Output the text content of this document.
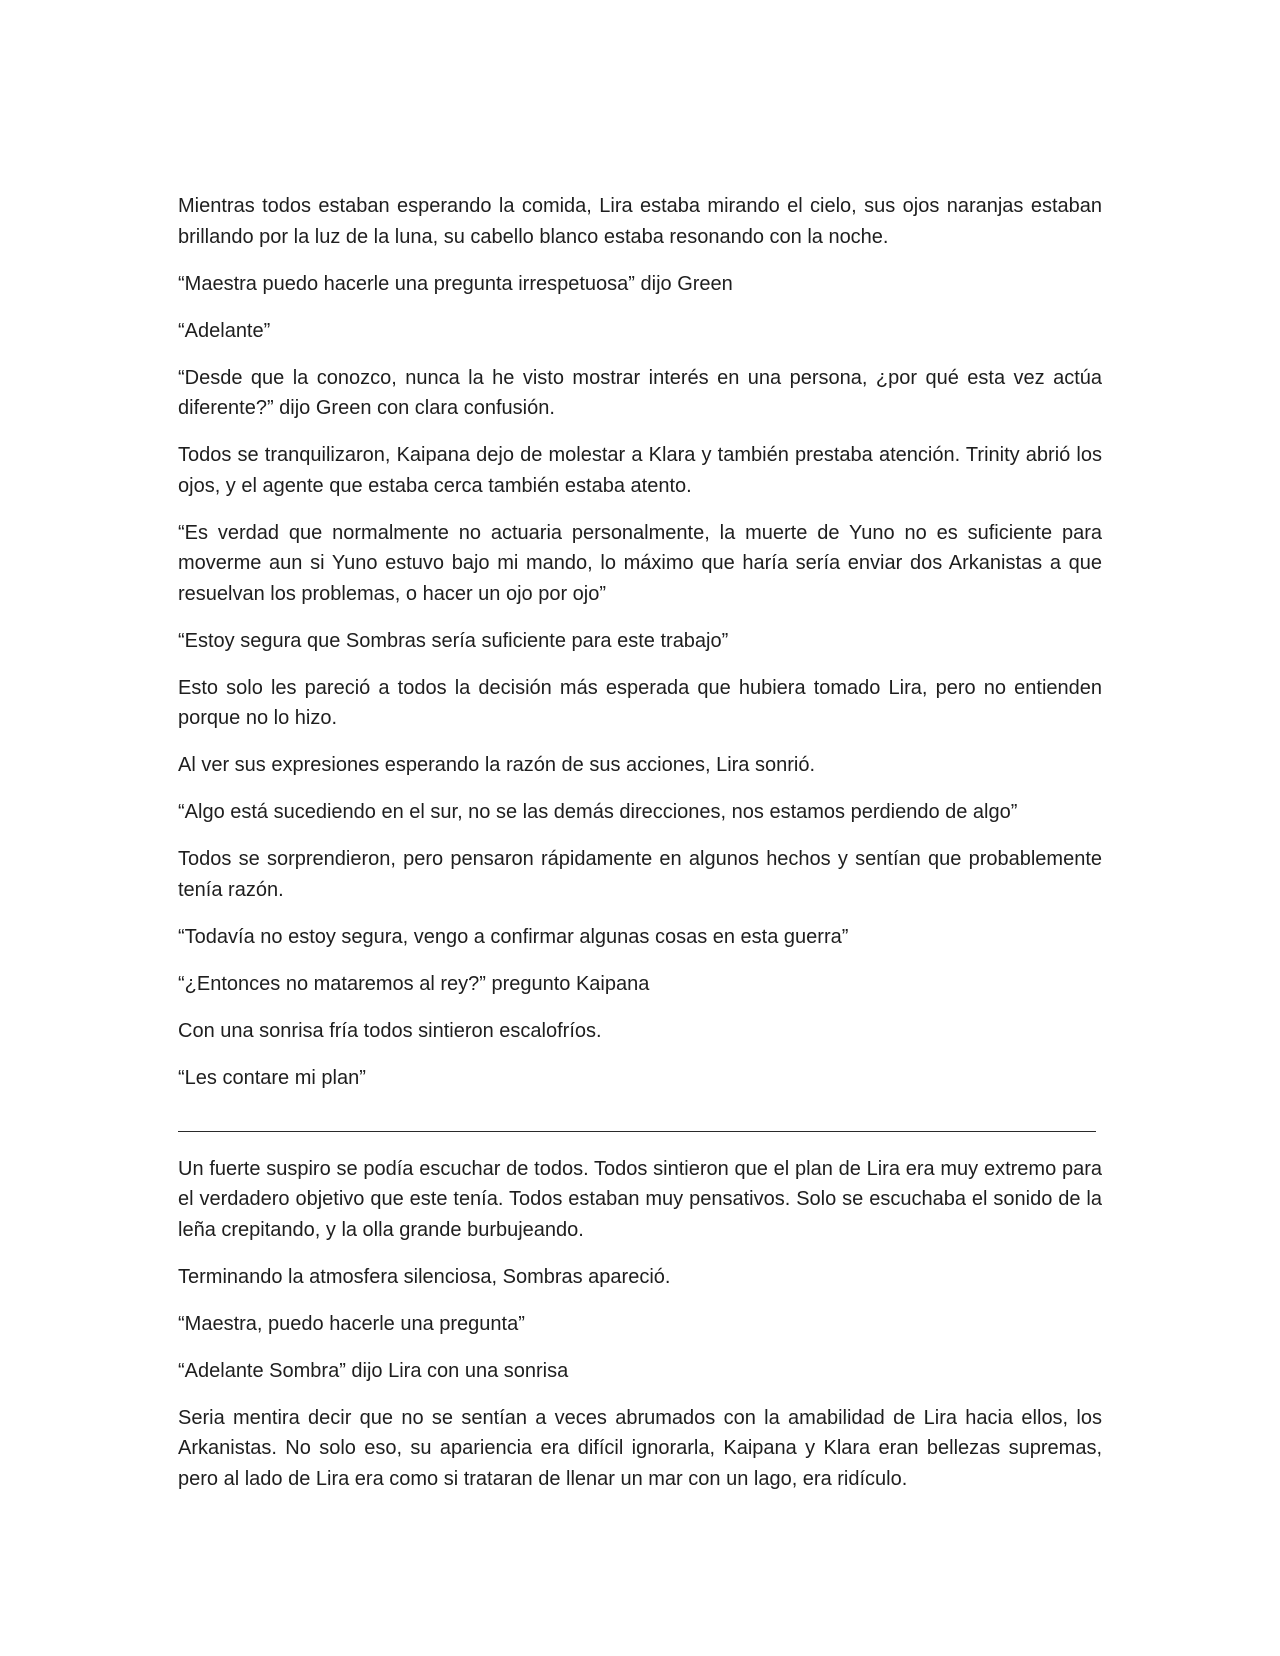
Mientras todos estaban esperando la comida, Lira estaba mirando el cielo, sus ojos naranjas estaban brillando por la luz de la luna, su cabello blanco estaba resonando con la noche.

“Maestra puedo hacerle una pregunta irrespetuosa” dijo Green

“Adelante”

“Desde que la conozco, nunca la he visto mostrar interés en una persona, ¿por qué esta vez actúa diferente?” dijo Green con clara confusión.

Todos se tranquilizaron, Kaipana dejo de molestar a Klara y también prestaba atención. Trinity abrió los ojos, y el agente que estaba cerca también estaba atento.

“Es verdad que normalmente no actuaria personalmente, la muerte de Yuno no es suficiente para moverme aun si Yuno estuvo bajo mi mando, lo máximo que haría sería enviar dos Arkanistas a que resuelvan los problemas, o hacer un ojo por ojo”

“Estoy segura que Sombras sería suficiente para este trabajo”

Esto solo les pareció a todos la decisión más esperada que hubiera tomado Lira, pero no entienden porque no lo hizo.

Al ver sus expresiones esperando la razón de sus acciones, Lira sonrió.

“Algo está sucediendo en el sur, no se las demás direcciones, nos estamos perdiendo de algo”

Todos se sorprendieron, pero pensaron rápidamente en algunos hechos y sentían que probablemente tenía razón.

“Todavía no estoy segura, vengo a confirmar algunas cosas en esta guerra”

“¿Entonces no mataremos al rey?” pregunto Kaipana

Con una sonrisa fría todos sintieron escalofríos.

“Les contare mi plan”

Un fuerte suspiro se podía escuchar de todos. Todos sintieron que el plan de Lira era muy extremo para el verdadero objetivo que este tenía. Todos estaban muy pensativos. Solo se escuchaba el sonido de la leña crepitando, y la olla grande burbujeando.

Terminando la atmosfera silenciosa, Sombras apareció.

“Maestra, puedo hacerle una pregunta”

“Adelante Sombra” dijo Lira con una sonrisa

Seria mentira decir que no se sentían a veces abrumados con la amabilidad de Lira hacia ellos, los Arkanistas. No solo eso, su apariencia era difícil ignorarla, Kaipana y Klara eran bellezas supremas, pero al lado de Lira era como si trataran de llenar un mar con un lago, era ridículo.
